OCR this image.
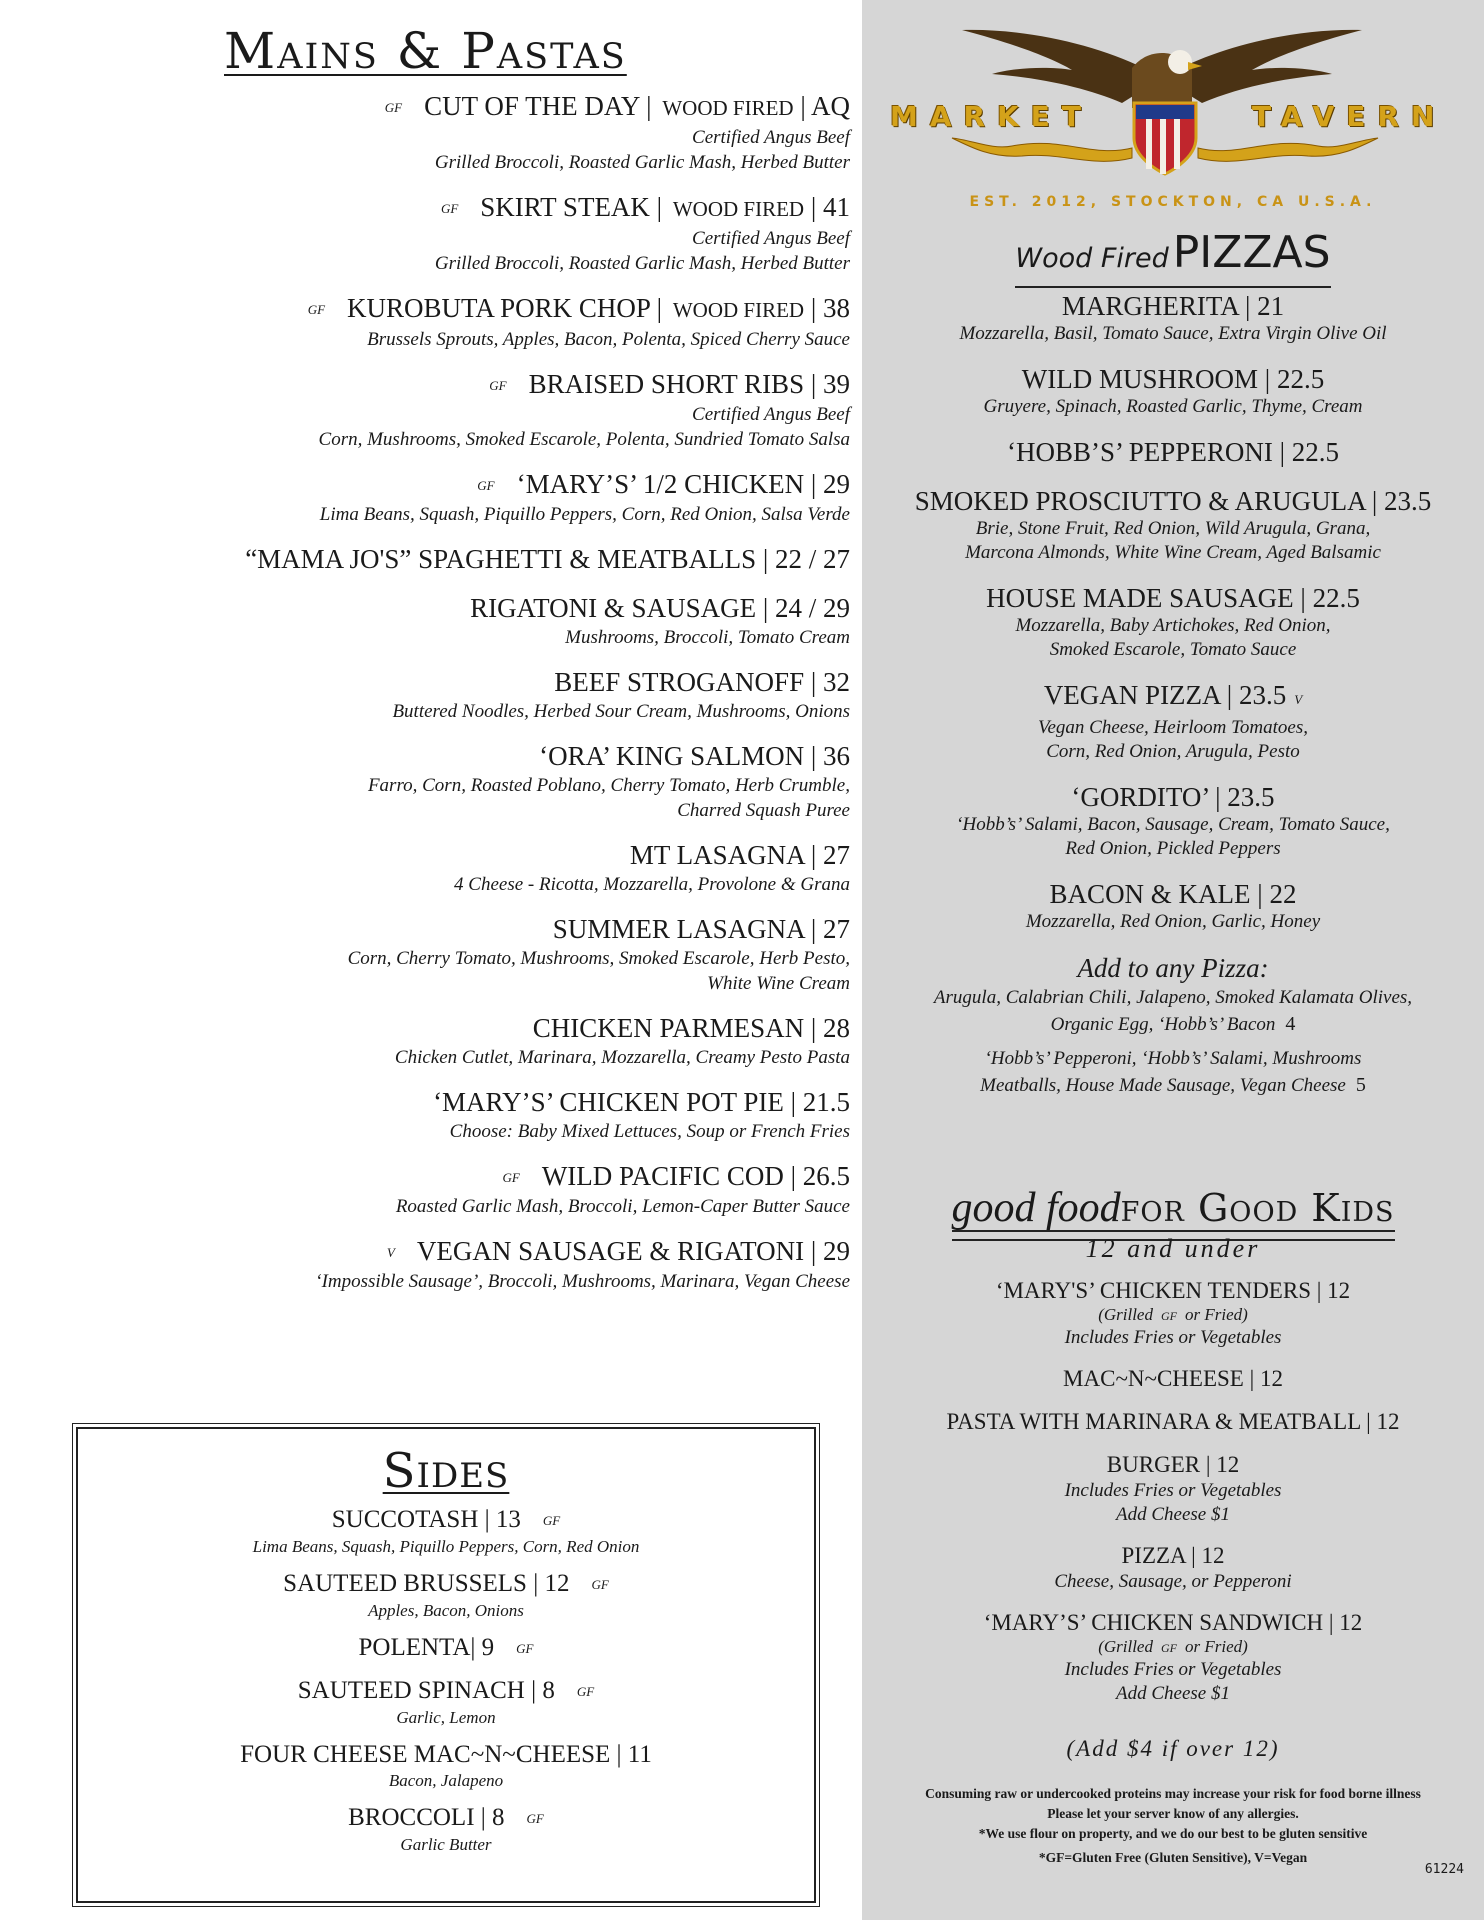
Mains & Pastas
GF CUT OF THE DAY | WOOD FIRED | AQ
Certified Angus Beef
Grilled Broccoli, Roasted Garlic Mash, Herbed Butter
GF SKIRT STEAK | WOOD FIRED | 41
Certified Angus Beef
Grilled Broccoli, Roasted Garlic Mash, Herbed Butter
GF KUROBUTA PORK CHOP | WOOD FIRED | 38
Brussels Sprouts, Apples, Bacon, Polenta, Spiced Cherry Sauce
GF BRAISED SHORT RIBS | 39
Certified Angus Beef
Corn, Mushrooms, Smoked Escarole, Polenta, Sundried Tomato Salsa
GF ‘MARY’S’ 1/2 CHICKEN | 29
Lima Beans, Squash, Piquillo Peppers, Corn, Red Onion, Salsa Verde
“MAMA JO'S” SPAGHETTI & MEATBALLS | 22 / 27
RIGATONI & SAUSAGE | 24 / 29
Mushrooms, Broccoli, Tomato Cream
BEEF STROGANOFF | 32
Buttered Noodles, Herbed Sour Cream, Mushrooms, Onions
‘ORA’ KING SALMON | 36
Farro, Corn, Roasted Poblano, Cherry Tomato, Herb Crumble,
Charred Squash Puree
MT LASAGNA | 27
4 Cheese - Ricotta, Mozzarella, Provolone & Grana
SUMMER LASAGNA | 27
Corn, Cherry Tomato, Mushrooms, Smoked Escarole, Herb Pesto,
White Wine Cream
CHICKEN PARMESAN | 28
Chicken Cutlet, Marinara, Mozzarella, Creamy Pesto Pasta
‘MARY’S’ CHICKEN POT PIE | 21.5
Choose: Baby Mixed Lettuces, Soup or French Fries
GF WILD PACIFIC COD | 26.5
Roasted Garlic Mash, Broccoli, Lemon-Caper Butter Sauce
V VEGAN SAUSAGE & RIGATONI | 29
‘Impossible Sausage’, Broccoli, Mushrooms, Marinara, Vegan Cheese
Sides
SUCCOTASH | 13 GF
Lima Beans, Squash, Piquillo Peppers, Corn, Red Onion
SAUTEED BRUSSELS | 12 GF
Apples, Bacon, Onions
POLENTA| 9 GF
SAUTEED SPINACH | 8 GF
Garlic, Lemon
FOUR CHEESE MAC~N~CHEESE | 11
Bacon, Jalapeno
BROCCOLI | 8 GF
Garlic Butter
MARKET	TAVERN
EST. 2012, STOCKTON, CA U.S.A.
Wood Fired PIZZAS
MARGHERITA | 21
Mozzarella, Basil, Tomato Sauce, Extra Virgin Olive Oil
WILD MUSHROOM | 22.5
Gruyere, Spinach, Roasted Garlic, Thyme, Cream
‘HOBB’S’ PEPPERONI | 22.5
SMOKED PROSCIUTTO & ARUGULA | 23.5
Brie, Stone Fruit, Red Onion, Wild Arugula, Grana,
Marcona Almonds, White Wine Cream, Aged Balsamic
HOUSE MADE SAUSAGE | 22.5
Mozzarella, Baby Artichokes, Red Onion,
Smoked Escarole, Tomato Sauce
VEGAN PIZZA | 23.5 V
Vegan Cheese, Heirloom Tomatoes,
Corn, Red Onion, Arugula, Pesto
‘GORDITO’ | 23.5
‘Hobb’s’ Salami, Bacon, Sausage, Cream, Tomato Sauce,
Red Onion, Pickled Peppers
BACON & KALE | 22
Mozzarella, Red Onion, Garlic, Honey
Add to any Pizza:
Arugula, Calabrian Chili, Jalapeno, Smoked Kalamata Olives,
Organic Egg, ‘Hobb’s’ Bacon 4
‘Hobb’s’ Pepperoni, ‘Hobb’s’ Salami, Mushrooms
Meatballs, House Made Sausage, Vegan Cheese 5
good foodfor Good Kids
12 and under
‘MARY'S’ CHICKEN TENDERS | 12
(Grilled GF or Fried)
Includes Fries or Vegetables
MAC~N~CHEESE | 12
PASTA WITH MARINARA & MEATBALL | 12
BURGER | 12
Includes Fries or Vegetables
Add Cheese $1
PIZZA | 12
Cheese, Sausage, or Pepperoni
‘MARY’S’ CHICKEN SANDWICH | 12
(Grilled GF or Fried)
Includes Fries or Vegetables
Add Cheese $1
(Add $4 if over 12)
Consuming raw or undercooked proteins may increase your risk for food borne illness
Please let your server know of any allergies.
*We use flour on property, and we do our best to be gluten sensitive
*GF=Gluten Free (Gluten Sensitive), V=Vegan
61224
